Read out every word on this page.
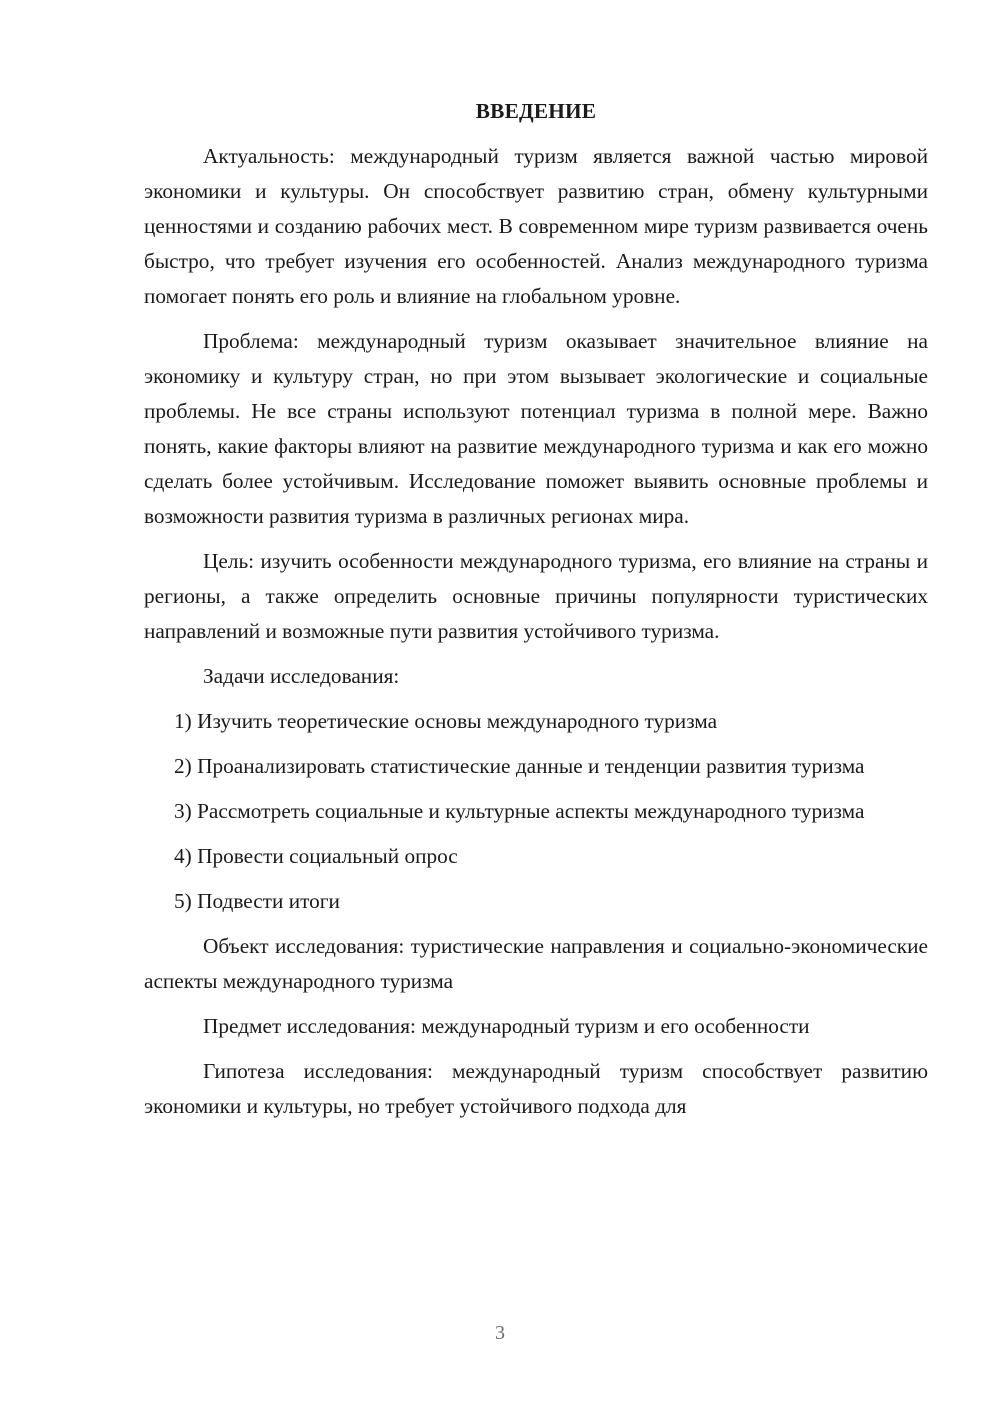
ВВЕДЕНИЕ

Актуальность: международный туризм является важной частью мировой экономики и культуры. Он способствует развитию стран, обмену культурными ценностями и созданию рабочих мест. В современном мире туризм развивается очень быстро, что требует изучения его особенностей. Анализ международного туризма помогает понять его роль и влияние на глобальном уровне.

Проблема: международный туризм оказывает значительное влияние на экономику и культуру стран, но при этом вызывает экологические и социальные проблемы. Не все страны используют потенциал туризма в полной мере. Важно понять, какие факторы влияют на развитие международного туризма и как его можно сделать более устойчивым. Исследование поможет выявить основные проблемы и возможности развития туризма в различных регионах мира.

Цель: изучить особенности международного туризма, его влияние на страны и регионы, а также определить основные причины популярности туристических направлений и возможные пути развития устойчивого туризма.

Задачи исследования:

1) Изучить теоретические основы международного туризма

2) Проанализировать статистические данные и тенденции развития туризма

3) Рассмотреть социальные и культурные аспекты международного туризма

4) Провести социальный опрос

5) Подвести итоги

Объект исследования: туристические направления и социально-экономические аспекты международного туризма

Предмет исследования: международный туризм и его особенности

Гипотеза исследования: международный туризм способствует развитию экономики и культуры, но требует устойчивого подхода для

3
